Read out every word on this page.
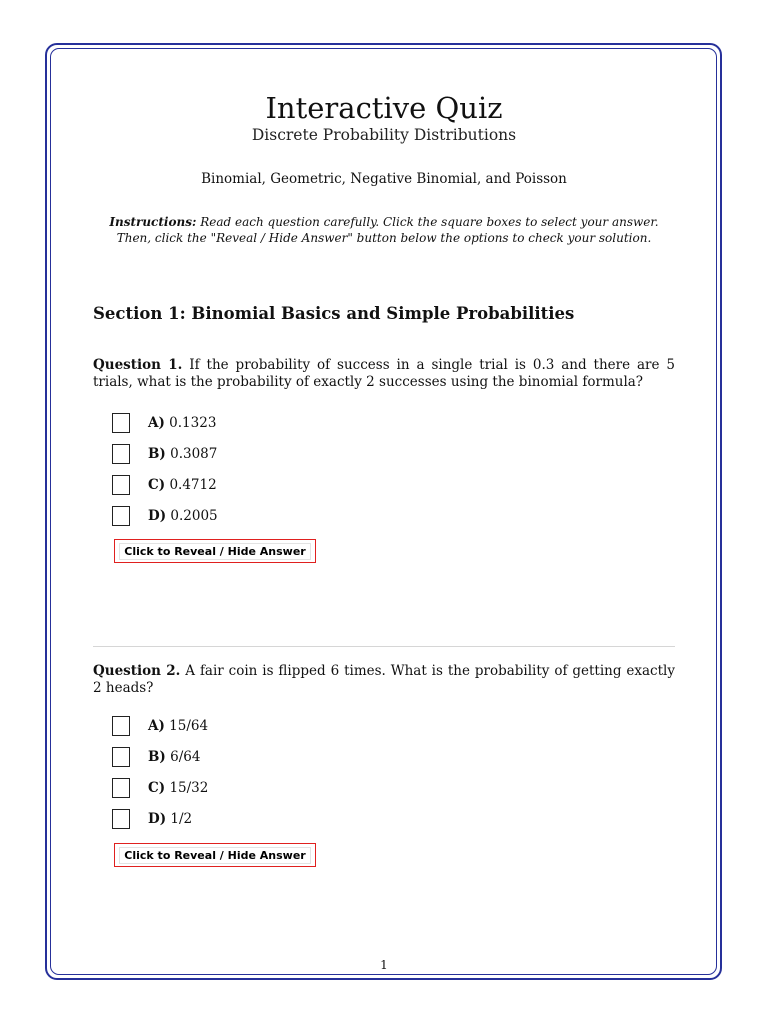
Interactive Quiz
Discrete Probability Distributions
Binomial, Geometric, Negative Binomial, and Poisson
Instructions: Read each question carefully. Click the square boxes to select your answer.
Then, click the "Reveal / Hide Answer" button below the options to check your solution.
Section 1: Binomial Basics and Simple Probabilities
Question 1. If the probability of success in a single trial is 0.3 and there are 5 trials, what is the probability of exactly 2 successes using the binomial formula?
A) 0.1323
B) 0.3087
C) 0.4712
D) 0.2005
Click to Reveal / Hide Answer
Question 2. A fair coin is flipped 6 times. What is the probability of getting exactly 2 heads?
A) 15/64
B) 6/64
C) 15/32
D) 1/2
Click to Reveal / Hide Answer
1
